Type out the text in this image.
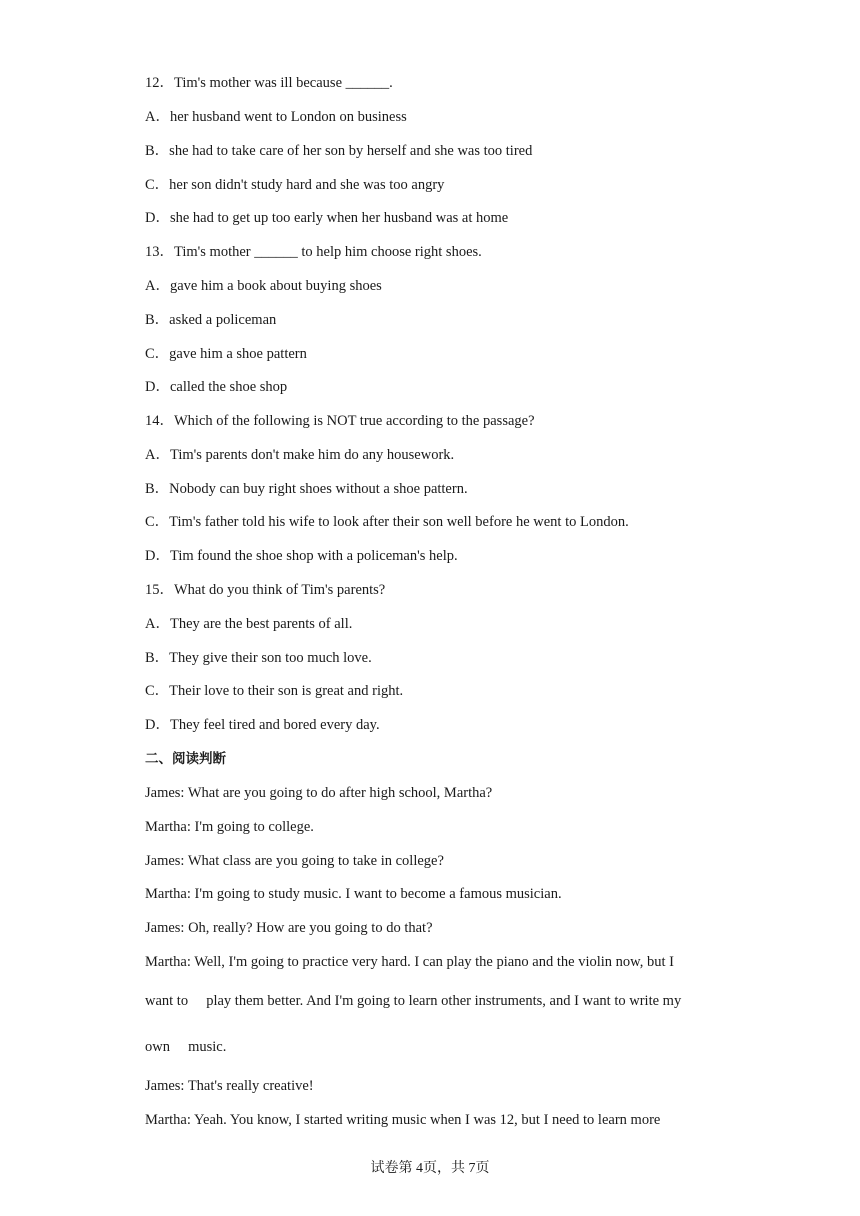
12．Tim's mother was ill because ______.
A．her husband went to London on business
B．she had to take care of her son by herself and she was too tired
C．her son didn't study hard and she was too angry
D．she had to get up too early when her husband was at home
13．Tim's mother ______ to help him choose right shoes.
A．gave him a book about buying shoes
B．asked a policeman
C．gave him a shoe pattern
D．called the shoe shop
14．Which of the following is NOT true according to the passage?
A．Tim's parents don't make him do any housework.
B．Nobody can buy right shoes without a shoe pattern.
C．Tim's father told his wife to look after their son well before he went to London.
D．Tim found the shoe shop with a policeman's help.
15．What do you think of Tim's parents?
A．They are the best parents of all.
B．They give their son too much love.
C．Their love to their son is great and right.
D．They feel tired and bored every day.
二、阅读判断
James: What are you going to do after high school, Martha?
Martha: I'm going to college.
James: What class are you going to take in college?
Martha: I'm going to study music. I want to become a famous musician.
James: Oh, really? How are you going to do that?
Martha: Well, I'm going to practice very hard. I can play the piano and the violin now, but I
want to     play them better. And I'm going to learn other instruments, and I want to write my
own     music.
James: That's really creative!
Martha: Yeah. You know, I started writing music when I was 12, but I need to learn more
试卷第 4页，共 7页
